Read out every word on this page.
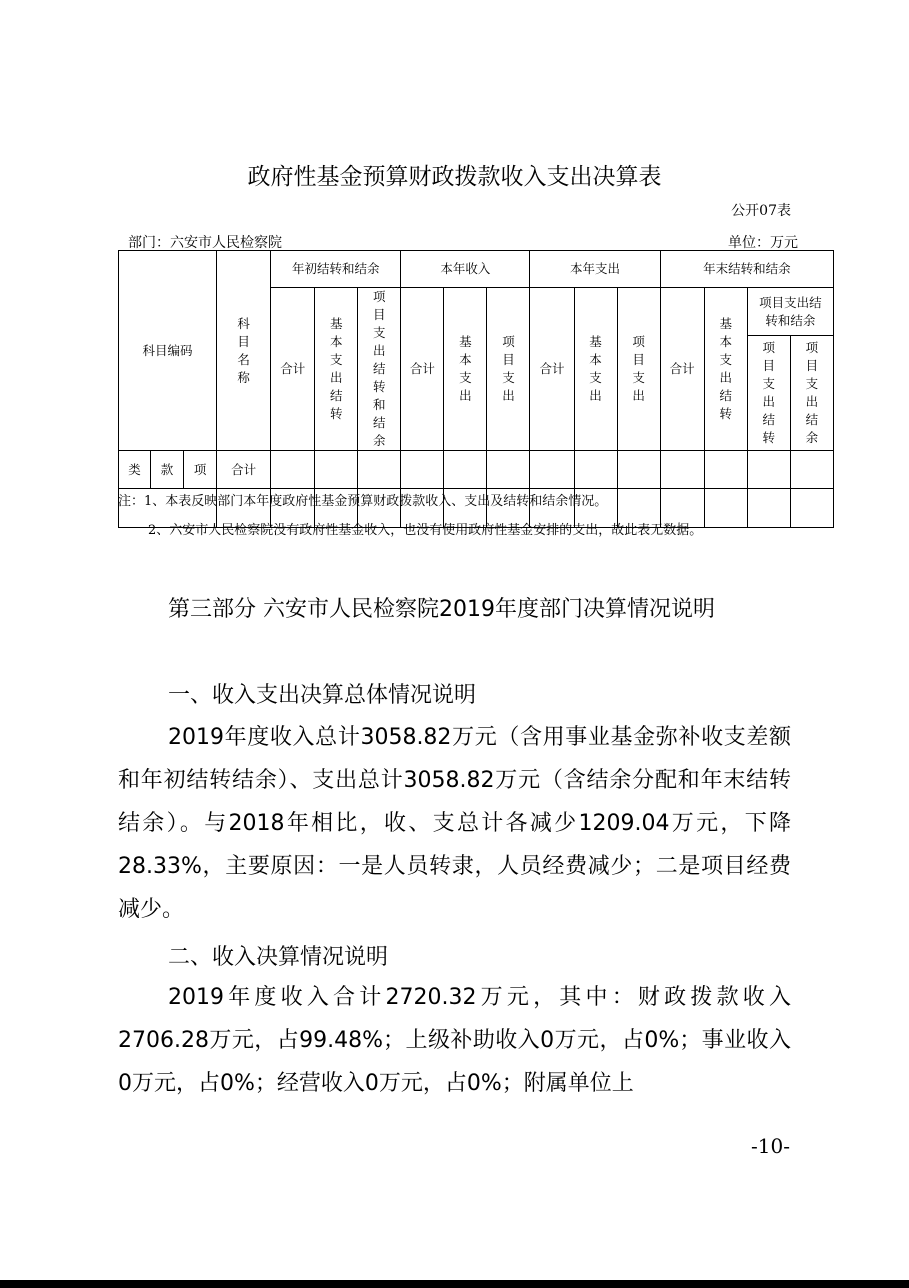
政府性基金预算财政拨款收入支出决算表
公开07表
部门：六安市人民检察院	单位：万元
科目编码			科目名称	年初结转和结余			本年收入			本年支出			年末结转和结余			
				合计	基本支出结转	项目支出结转和结余	合计	基本支出	项目支出	合计	基本支出	项目支出	合计	基本支出结转	项目支出结转和结余	
															项目支出结转	项目支出结余
类	款	项	合计													

注：1、本表反映部门本年度政府性基金预算财政拨款收入、支出及结转和结余情况。
2、六安市人民检察院没有政府性基金收入，也没有使用政府性基金安排的支出，故此表无数据。
第三部分 六安市人民检察院2019年度部门决算情况说明
一、收入支出决算总体情况说明

2019年度收入总计3058.82万元（含用事业基金弥补收支差额和年初结转结余）、支出总计3058.82万元（含结余分配和年末结转结余）。与2018年相比，收、支总计各减少1209.04万元，下降28.33%，主要原因：一是人员转隶，人员经费减少；二是项目经费减少。

二、收入决算情况说明

2019年度收入合计2720.32万元，其中：财政拨款收入2706.28万元，占99.48%；上级补助收入0万元，占0%；事业收入0万元，占0%；经营收入0万元，占0%；附属单位上

-10-
